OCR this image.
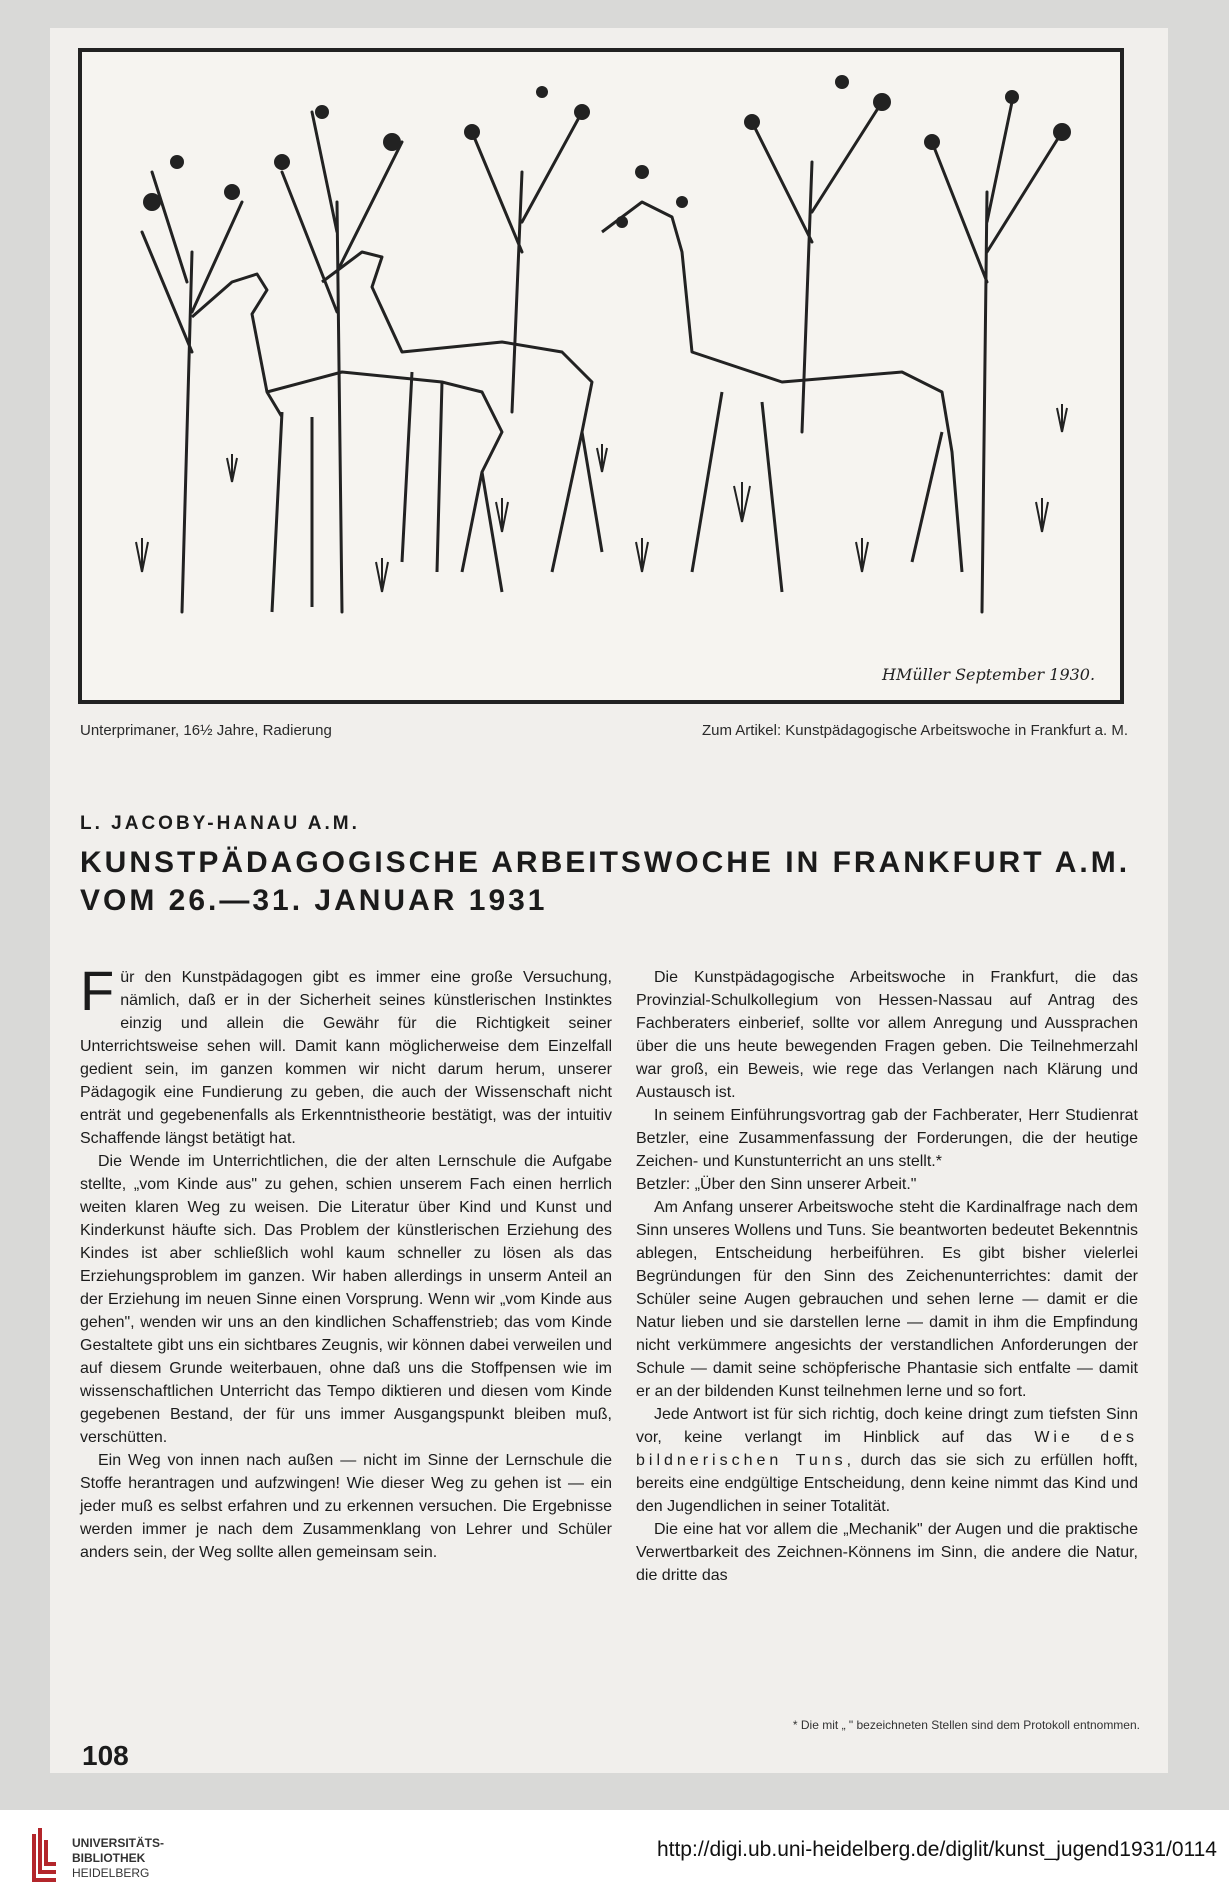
HMüller September 1930.
Unterprimaner, 16½ Jahre, Radierung	Zum Artikel: Kunstpädagogische Arbeitswoche in Frankfurt a. M.
L. JACOBY-HANAU A.M.
KUNSTPÄDAGOGISCHE ARBEITSWOCHE IN FRANKFURT A.M.
VOM 26.—31. JANUAR 1931

Für den Kunstpädagogen gibt es immer eine große Versuchung, nämlich, daß er in der Sicherheit seines künstlerischen Instinktes einzig und allein die Gewähr für die Richtigkeit seiner Unterrichtsweise sehen will. Damit kann möglicherweise dem Einzelfall gedient sein, im ganzen kommen wir nicht darum herum, unserer Pädagogik eine Fundierung zu geben, die auch der Wissenschaft nicht enträt und gegebenenfalls als Erkenntnistheorie bestätigt, was der intuitiv Schaffende längst betätigt hat.

Die Wende im Unterrichtlichen, die der alten Lernschule die Aufgabe stellte, „vom Kinde aus" zu gehen, schien unserem Fach einen herrlich weiten klaren Weg zu weisen. Die Literatur über Kind und Kunst und Kinderkunst häufte sich. Das Problem der künstlerischen Erziehung des Kindes ist aber schließlich wohl kaum schneller zu lösen als das Erziehungsproblem im ganzen. Wir haben allerdings in unserm Anteil an der Erziehung im neuen Sinne einen Vorsprung. Wenn wir „vom Kinde aus gehen", wenden wir uns an den kindlichen Schaffenstrieb; das vom Kinde Gestaltete gibt uns ein sichtbares Zeugnis, wir können dabei verweilen und auf diesem Grunde weiterbauen, ohne daß uns die Stoffpensen wie im wissenschaftlichen Unterricht das Tempo diktieren und diesen vom Kinde gegebenen Bestand, der für uns immer Ausgangspunkt bleiben muß, verschütten.

Ein Weg von innen nach außen — nicht im Sinne der Lernschule die Stoffe herantragen und aufzwingen! Wie dieser Weg zu gehen ist — ein jeder muß es selbst erfahren und zu erkennen versuchen. Die Ergebnisse werden immer je nach dem Zusammenklang von Lehrer und Schüler anders sein, der Weg sollte allen gemeinsam sein.

Die Kunstpädagogische Arbeitswoche in Frankfurt, die das Provinzial-Schulkollegium von Hessen-Nassau auf Antrag des Fachberaters einberief, sollte vor allem Anregung und Aussprachen über die uns heute bewegenden Fragen geben. Die Teilnehmerzahl war groß, ein Beweis, wie rege das Verlangen nach Klärung und Austausch ist.

In seinem Einführungsvortrag gab der Fachberater, Herr Studienrat Betzler, eine Zusammenfassung der Forderungen, die der heutige Zeichen- und Kunstunterricht an uns stellt.*

Betzler: „Über den Sinn unserer Arbeit."

Am Anfang unserer Arbeitswoche steht die Kardinalfrage nach dem Sinn unseres Wollens und Tuns. Sie beantworten bedeutet Bekenntnis ablegen, Entscheidung herbeiführen. Es gibt bisher vielerlei Begründungen für den Sinn des Zeichenunterrichtes: damit der Schüler seine Augen gebrauchen und sehen lerne — damit er die Natur lieben und sie darstellen lerne — damit in ihm die Empfindung nicht verkümmere angesichts der verstandlichen Anforderungen der Schule — damit seine schöpferische Phantasie sich entfalte — damit er an der bildenden Kunst teilnehmen lerne und so fort.

Jede Antwort ist für sich richtig, doch keine dringt zum tiefsten Sinn vor, keine verlangt im Hinblick auf das Wie des bildnerischen Tuns, durch das sie sich zu erfüllen hofft, bereits eine endgültige Entscheidung, denn keine nimmt das Kind und den Jugendlichen in seiner Totalität.

Die eine hat vor allem die „Mechanik" der Augen und die praktische Verwertbarkeit des Zeichnen-Könnens im Sinn, die andere die Natur, die dritte das

* Die mit „ " bezeichneten Stellen sind dem Protokoll entnommen.
108
UNIVERSITÄTS-
BIBLIOTHEK
HEIDELBERG
http://digi.ub.uni-heidelberg.de/diglit/kunst_jugend1931/0114
